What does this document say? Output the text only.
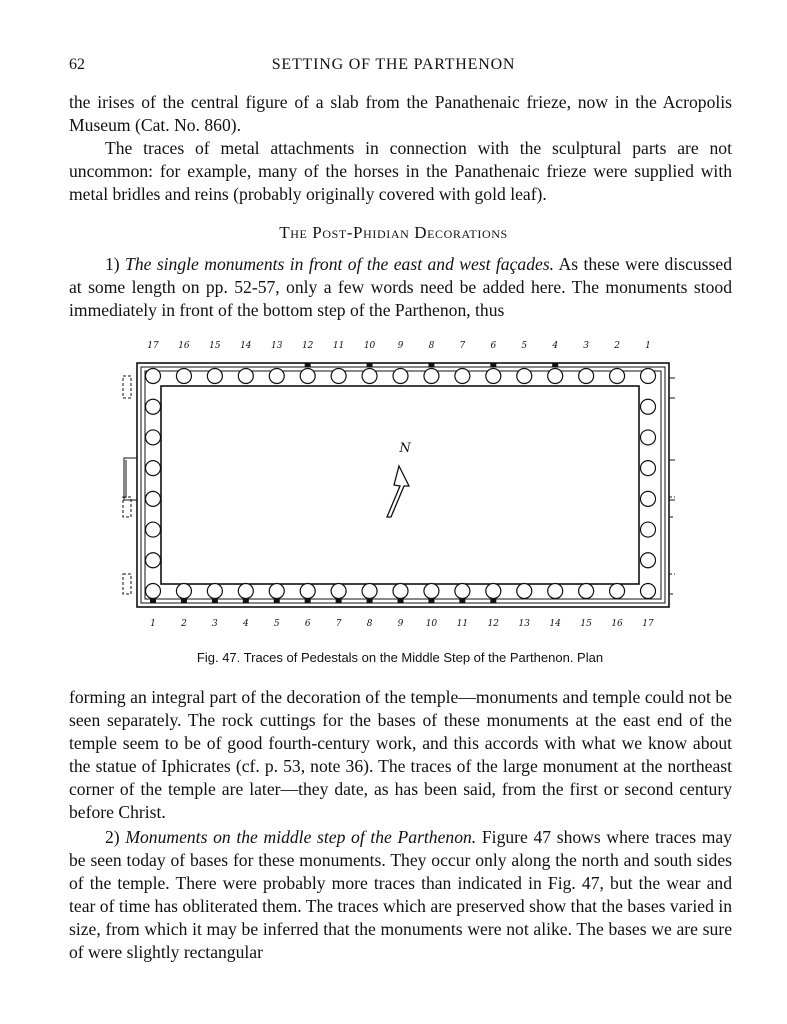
62	SETTING OF THE PARTHENON

the irises of the central figure of a slab from the Panathenaic frieze, now in the Acropolis Museum (Cat. No. 860).

The traces of metal attachments in connection with the sculptural parts are not uncommon: for example, many of the horses in the Panathenaic frieze were supplied with metal bridles and reins (probably originally covered with gold leaf).

The Post-Phidian Decorations

1) The single monuments in front of the east and west façades. As these were discussed at some length on pp. 52-57, only a few words need be added here. The monuments stood immediately in front of the bottom step of the Parthenon, thus

N
17 16 15 14 13 12 11 10 9	8	7	6	5	4	3	2	1
1	2	3	4	5	6	7	8	9 10 11 12 13 14 15 16 17
Fig. 47. Traces of Pedestals on the Middle Step of the Parthenon. Plan

forming an integral part of the decoration of the temple—monuments and temple could not be seen separately. The rock cuttings for the bases of these monuments at the east end of the temple seem to be of good fourth-century work, and this accords with what we know about the statue of Iphicrates (cf. p. 53, note 36). The traces of the large monument at the northeast corner of the temple are later—they date, as has been said, from the first or second century before Christ.

2) Monuments on the middle step of the Parthenon. Figure 47 shows where traces may be seen today of bases for these monuments. They occur only along the north and south sides of the temple. There were probably more traces than indicated in Fig. 47, but the wear and tear of time has obliterated them. The traces which are preserved show that the bases varied in size, from which it may be inferred that the monuments were not alike. The bases we are sure of were slightly rectangular
